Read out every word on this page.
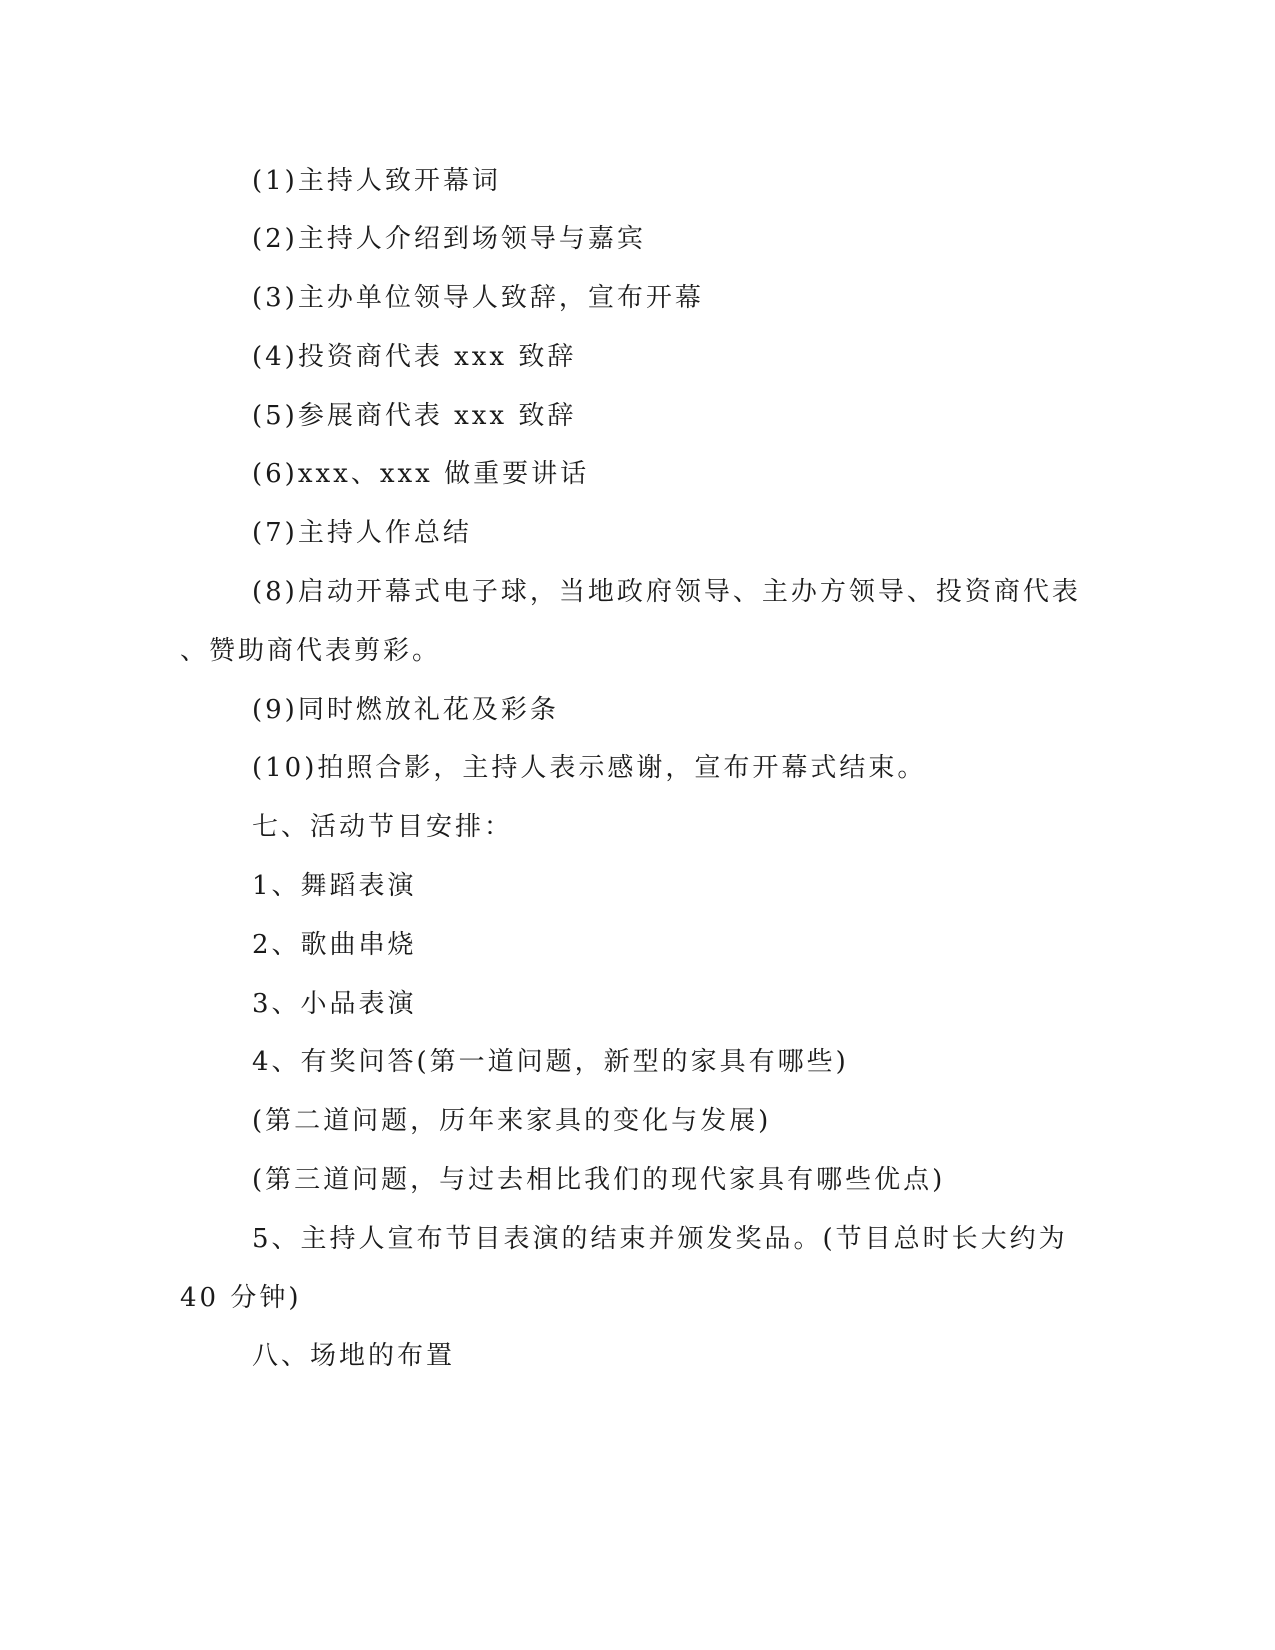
(1)主持人致开幕词
(2)主持人介绍到场领导与嘉宾
(3)主办单位领导人致辞，宣布开幕
(4)投资商代表 xxx 致辞
(5)参展商代表 xxx 致辞
(6)xxx、xxx 做重要讲话
(7)主持人作总结
(8)启动开幕式电子球，当地政府领导、主办方领导、投资商代表
、赞助商代表剪彩。
(9)同时燃放礼花及彩条
(10)拍照合影，主持人表示感谢，宣布开幕式结束。
七、活动节目安排：
1、舞蹈表演
2、歌曲串烧
3、小品表演
4、有奖问答(第一道问题，新型的家具有哪些)
(第二道问题，历年来家具的变化与发展)
(第三道问题，与过去相比我们的现代家具有哪些优点)
5、主持人宣布节目表演的结束并颁发奖品。(节目总时长大约为
40 分钟)
八、场地的布置
